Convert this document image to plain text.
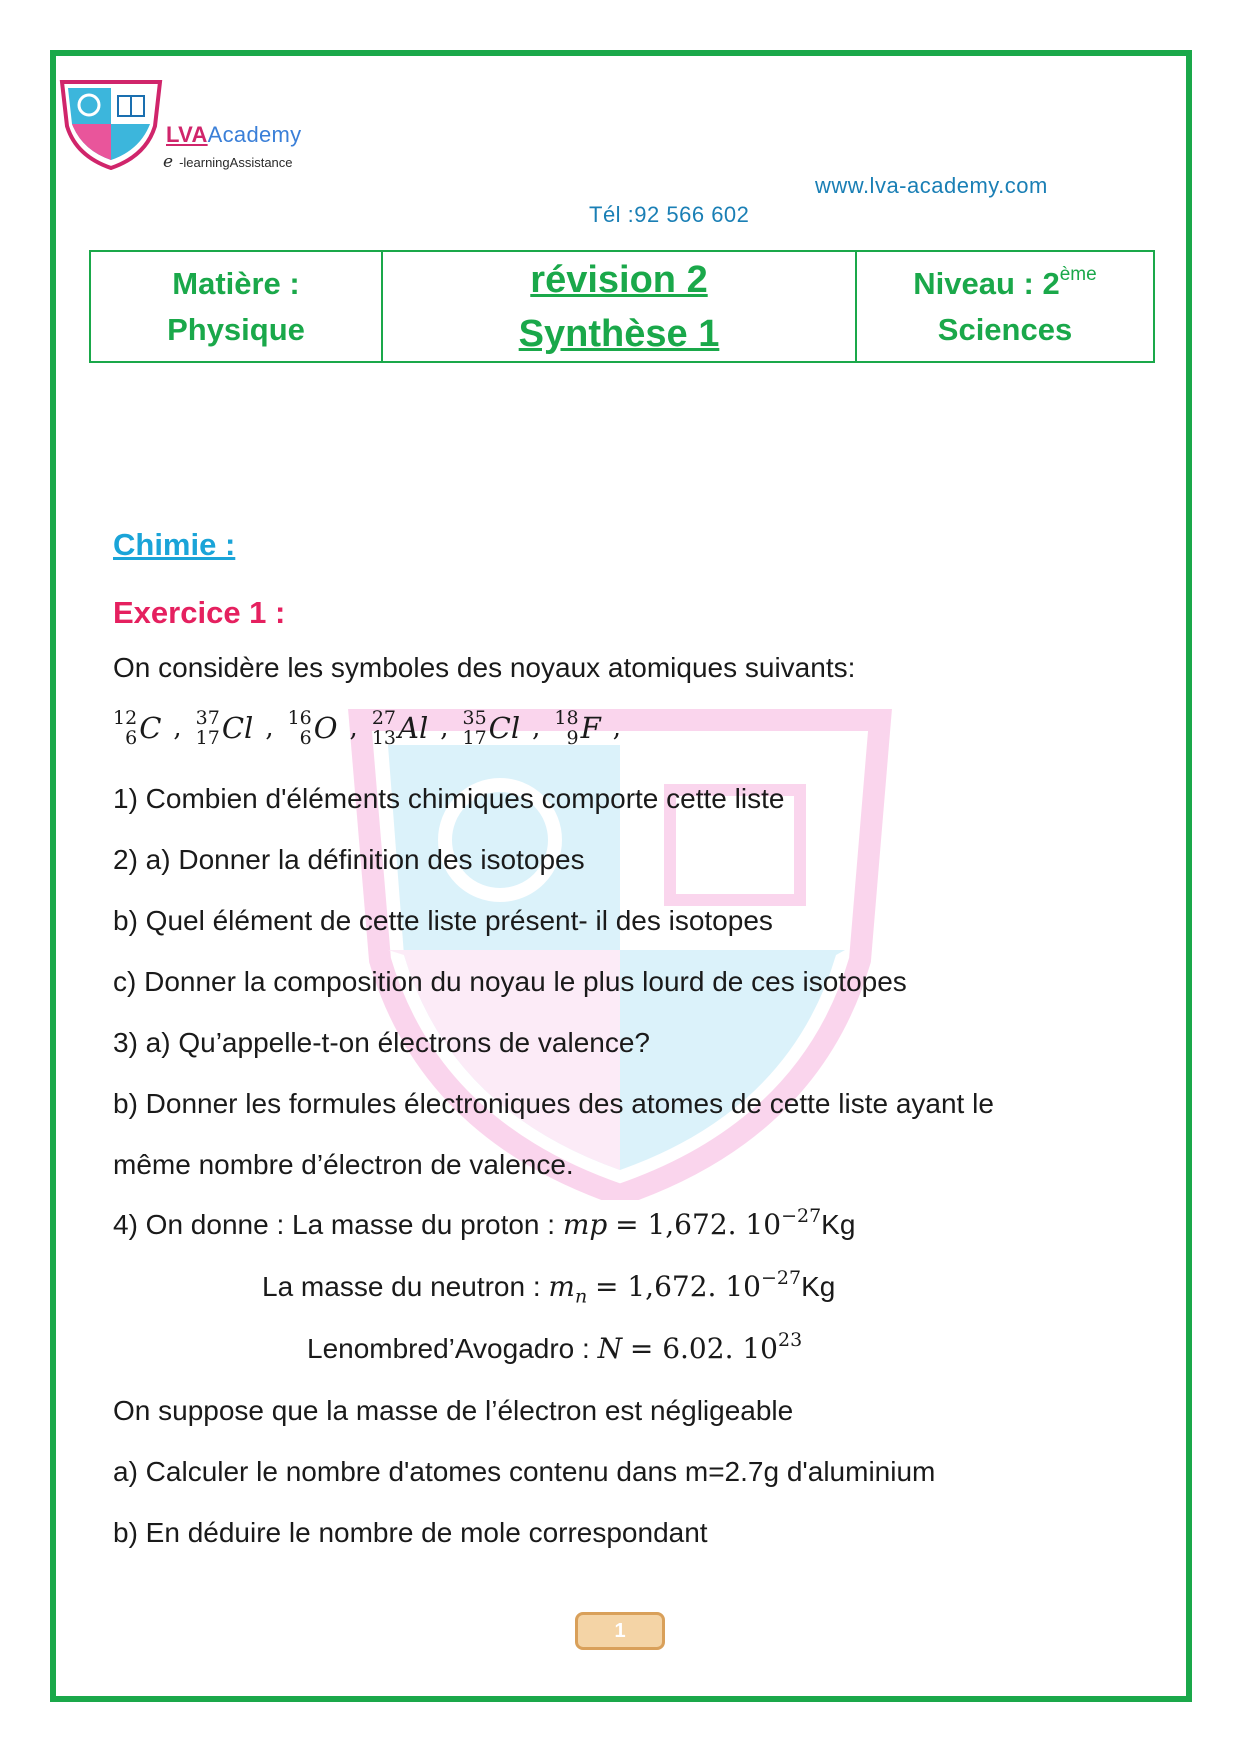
LVAAcademy
e -learningAssistance
www.lva-academy.com
Tél :92 566 602
Matière :
Physique
révision 2
Synthèse 1
Niveau : 2ème
Sciences
Chimie :
Exercice 1 :
On considère les symboles des noyaux atomiques suivants:
12
6 C , 37
17 Cl , 16
6 O , 27
13 Al , 35
17 Cl , 18
9 F ,
1) Combien d'éléments chimiques comporte cette liste
2) a) Donner la définition des isotopes
b) Quel élément de cette liste présent- il des isotopes
c) Donner la composition du noyau le plus lourd de ces isotopes
3) a) Qu’appelle-t-on électrons de valence?
b) Donner les formules électroniques des atomes de cette liste ayant le
même nombre d’électron de valence.
4) On donne : La masse du proton : mp = 1,672. $10^{-27}Kg$
La masse du neutron : $m_n = 1,672$. $10^{-27}Kg$
Lenombred’Avogadro : N = 6.02. $10^{23}$
On suppose que la masse de l’électron est négligeable
a) Calculer le nombre d'atomes contenu dans m=2.7g d'aluminium
b) En déduire le nombre de mole correspondant
1
